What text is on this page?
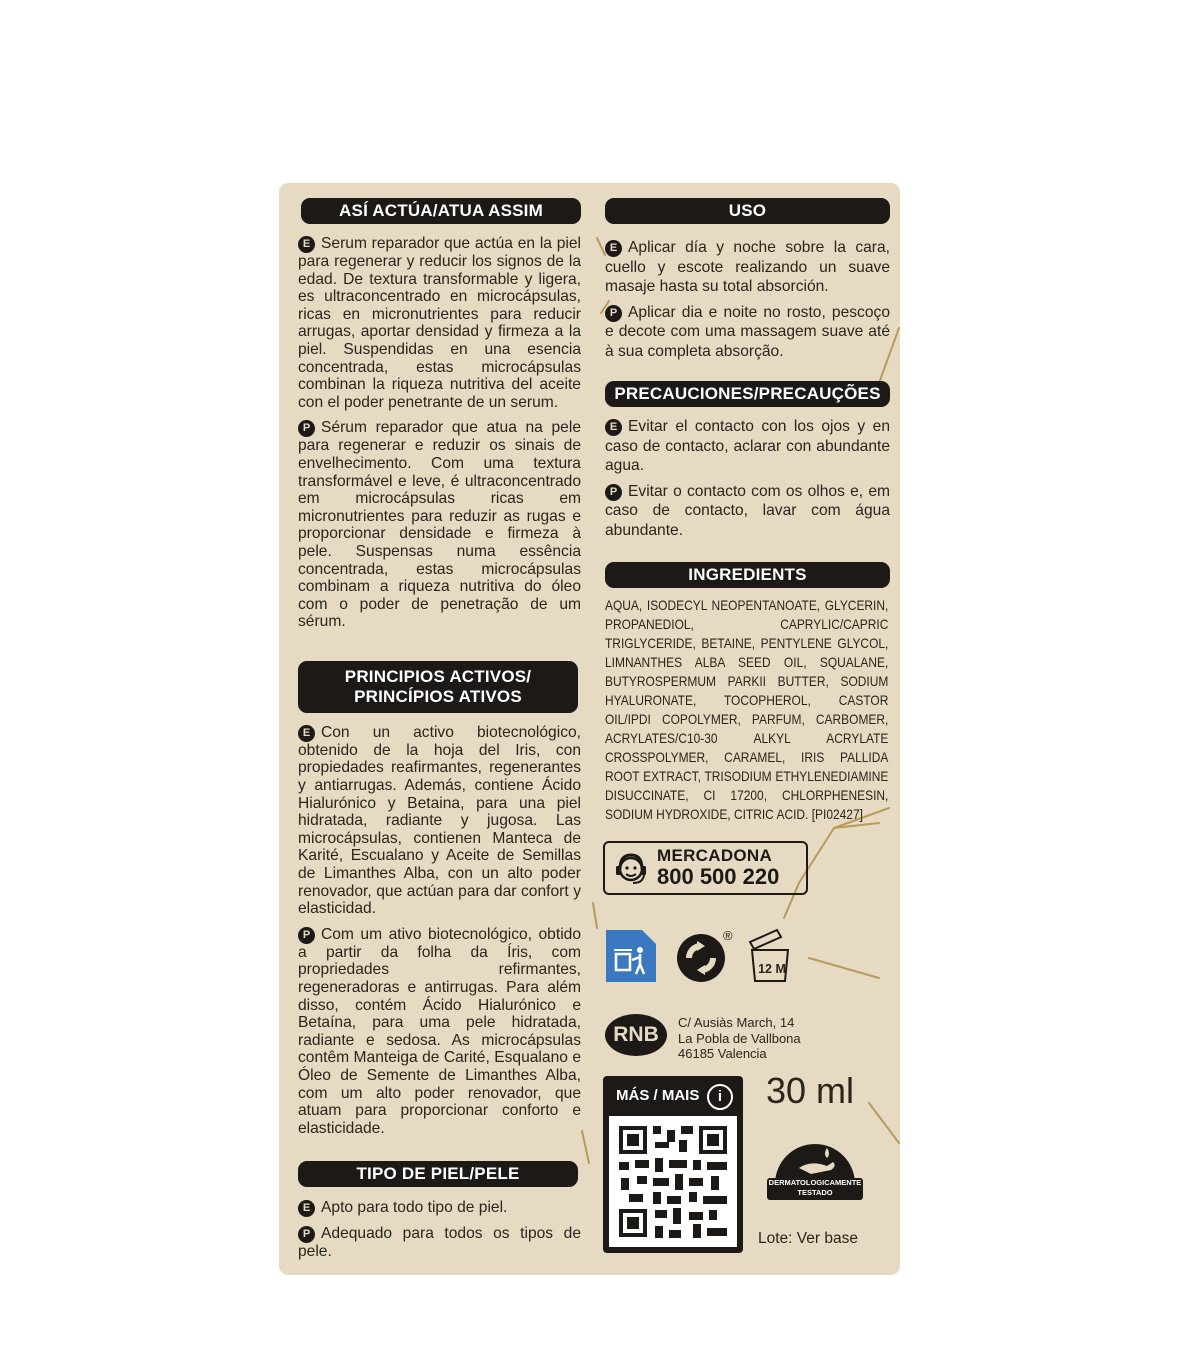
ASÍ ACTÚA/ATUA ASSIM

E Serum reparador que actúa en la piel para regenerar y reducir los signos de la edad. De textura transformable y ligera, es ultraconcentrado en microcápsulas, ricas en micronutrientes para reducir arrugas, aportar densidad y firmeza a la piel. Suspendidas en una esencia concentrada, estas microcápsulas combinan la riqueza nutritiva del aceite con el poder penetrante de un serum.

P Sérum reparador que atua na pele para regenerar e reduzir os sinais de envelhecimento. Com uma textura transformável e leve, é ultraconcentrado em microcápsulas ricas em micronutrientes para reduzir as rugas e proporcionar densidade e firmeza à pele. Suspensas numa essência concentrada, estas microcápsulas combinam a riqueza nutritiva do óleo com o poder de penetração de um sérum.

PRINCIPIOS ACTIVOS/
PRINCÍPIOS ATIVOS

E Con un activo biotecnológico, obtenido de la hoja del Iris, con propiedades reafirmantes, regenerantes y antiarrugas. Además, contiene Ácido Hialurónico y Betaina, para una piel hidratada, radiante y jugosa. Las microcápsulas, contienen Manteca de Karité, Escualano y Aceite de Semillas de Limanthes Alba, con un alto poder renovador, que actúan para dar confort y elasticidad.

P Com um ativo biotecnológico, obtido a partir da folha da Íris, com propriedades refirmantes, regeneradoras e antirrugas. Para além disso, contém Ácido Hialurónico e Betaína, para uma pele hidratada, radiante e sedosa. As microcápsulas contêm Manteiga de Carité, Esqualano e Óleo de Semente de Limanthes Alba, com um alto poder renovador, que atuam para proporcionar conforto e elasticidade.

TIPO DE PIEL/PELE

E Apto para todo tipo de piel.

P Adequado para todos os tipos de pele.

USO

E Aplicar día y noche sobre la cara, cuello y escote realizando un suave masaje hasta su total absorción.

P Aplicar dia e noite no rosto, pescoço e decote com uma massagem suave até à sua completa absorção.

PRECAUCIONES/PRECAUÇÕES

E Evitar el contacto con los ojos y en caso de contacto, aclarar con abundante agua.

P Evitar o contacto com os olhos e, em caso de contacto, lavar com água abundante.

INGREDIENTS

AQUA, ISODECYL NEOPENTANOATE, GLYCERIN, PROPANEDIOL, CAPRYLIC/CAPRIC TRIGLYCERIDE, BETAINE, PENTYLENE GLYCOL, LIMNANTHES ALBA SEED OIL, SQUALANE, BUTYROSPERMUM PARKII BUTTER, SODIUM HYALURONATE, TOCOPHEROL, CASTOR OIL/IPDI COPOLYMER, PARFUM, CARBOMER, ACRYLATES/C10-30 ALKYL ACRYLATE CROSSPOLYMER, CARAMEL, IRIS PALLIDA ROOT EXTRACT, TRISODIUM ETHYLENEDIAMINE DISUCCINATE, CI 17200, CHLORPHENESIN, SODIUM HYDROXIDE, CITRIC ACID. [PI02427]

MERCADONA
800 500 220
®
12 M
RNB
C/ Ausiàs March, 14
La Pobla de Vallbona
46185 Valencia
MÁS / MAIS	i	30 ml
DERMATOLOGICAMENTE
TESTADO
Lote: Ver base
